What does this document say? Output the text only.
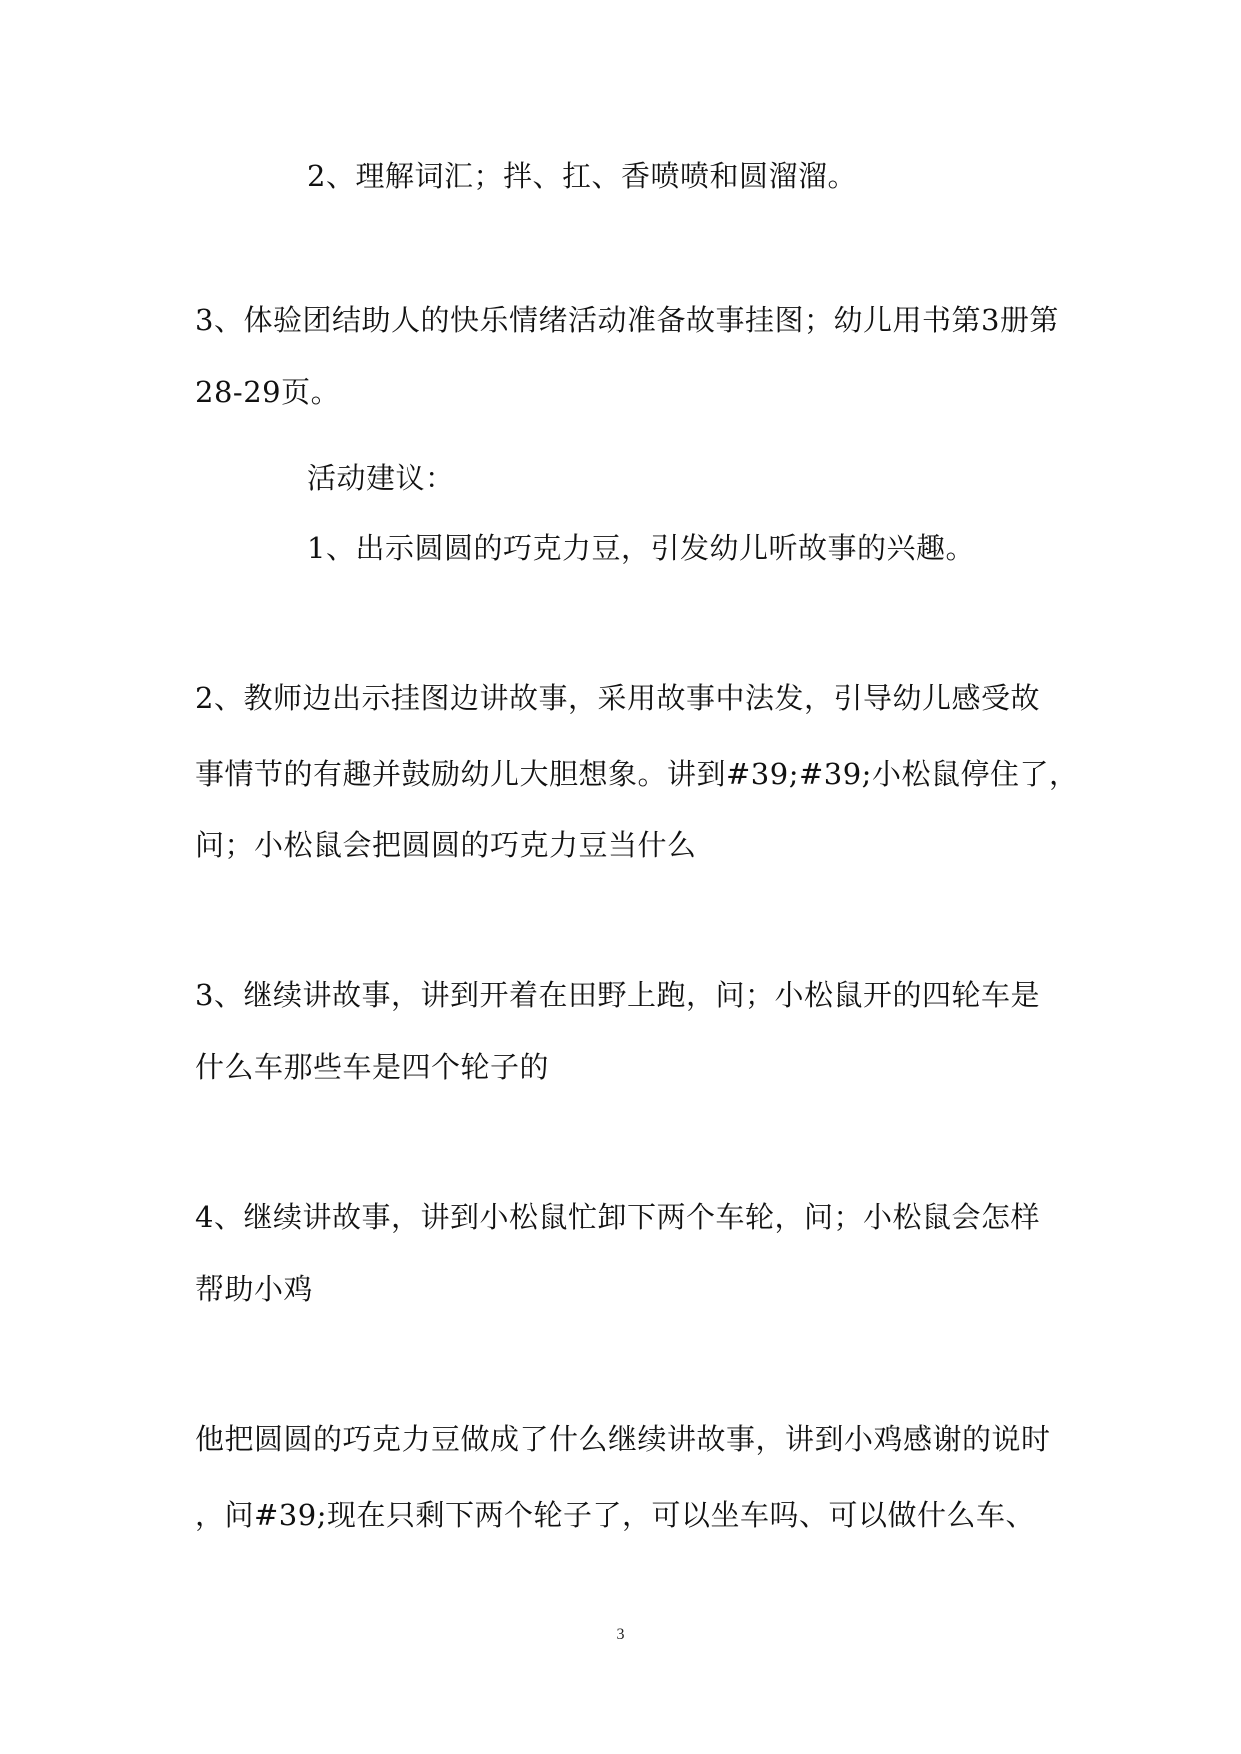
2、理解词汇；拌、扛、香喷喷和圆溜溜。
3、体验团结助人的快乐情绪活动准备故事挂图；幼儿用书第3册第
28-29页。
活动建议：
1、出示圆圆的巧克力豆，引发幼儿听故事的兴趣。
2、教师边出示挂图边讲故事，采用故事中法发，引导幼儿感受故
事情节的有趣并鼓励幼儿大胆想象。讲到#39;#39;小松鼠停住了，
问；小松鼠会把圆圆的巧克力豆当什么
3、继续讲故事，讲到开着在田野上跑，问；小松鼠开的四轮车是
什么车那些车是四个轮子的
4、继续讲故事，讲到小松鼠忙卸下两个车轮，问；小松鼠会怎样
帮助小鸡
他把圆圆的巧克力豆做成了什么继续讲故事，讲到小鸡感谢的说时
，问#39;现在只剩下两个轮子了，可以坐车吗、可以做什么车、
3
